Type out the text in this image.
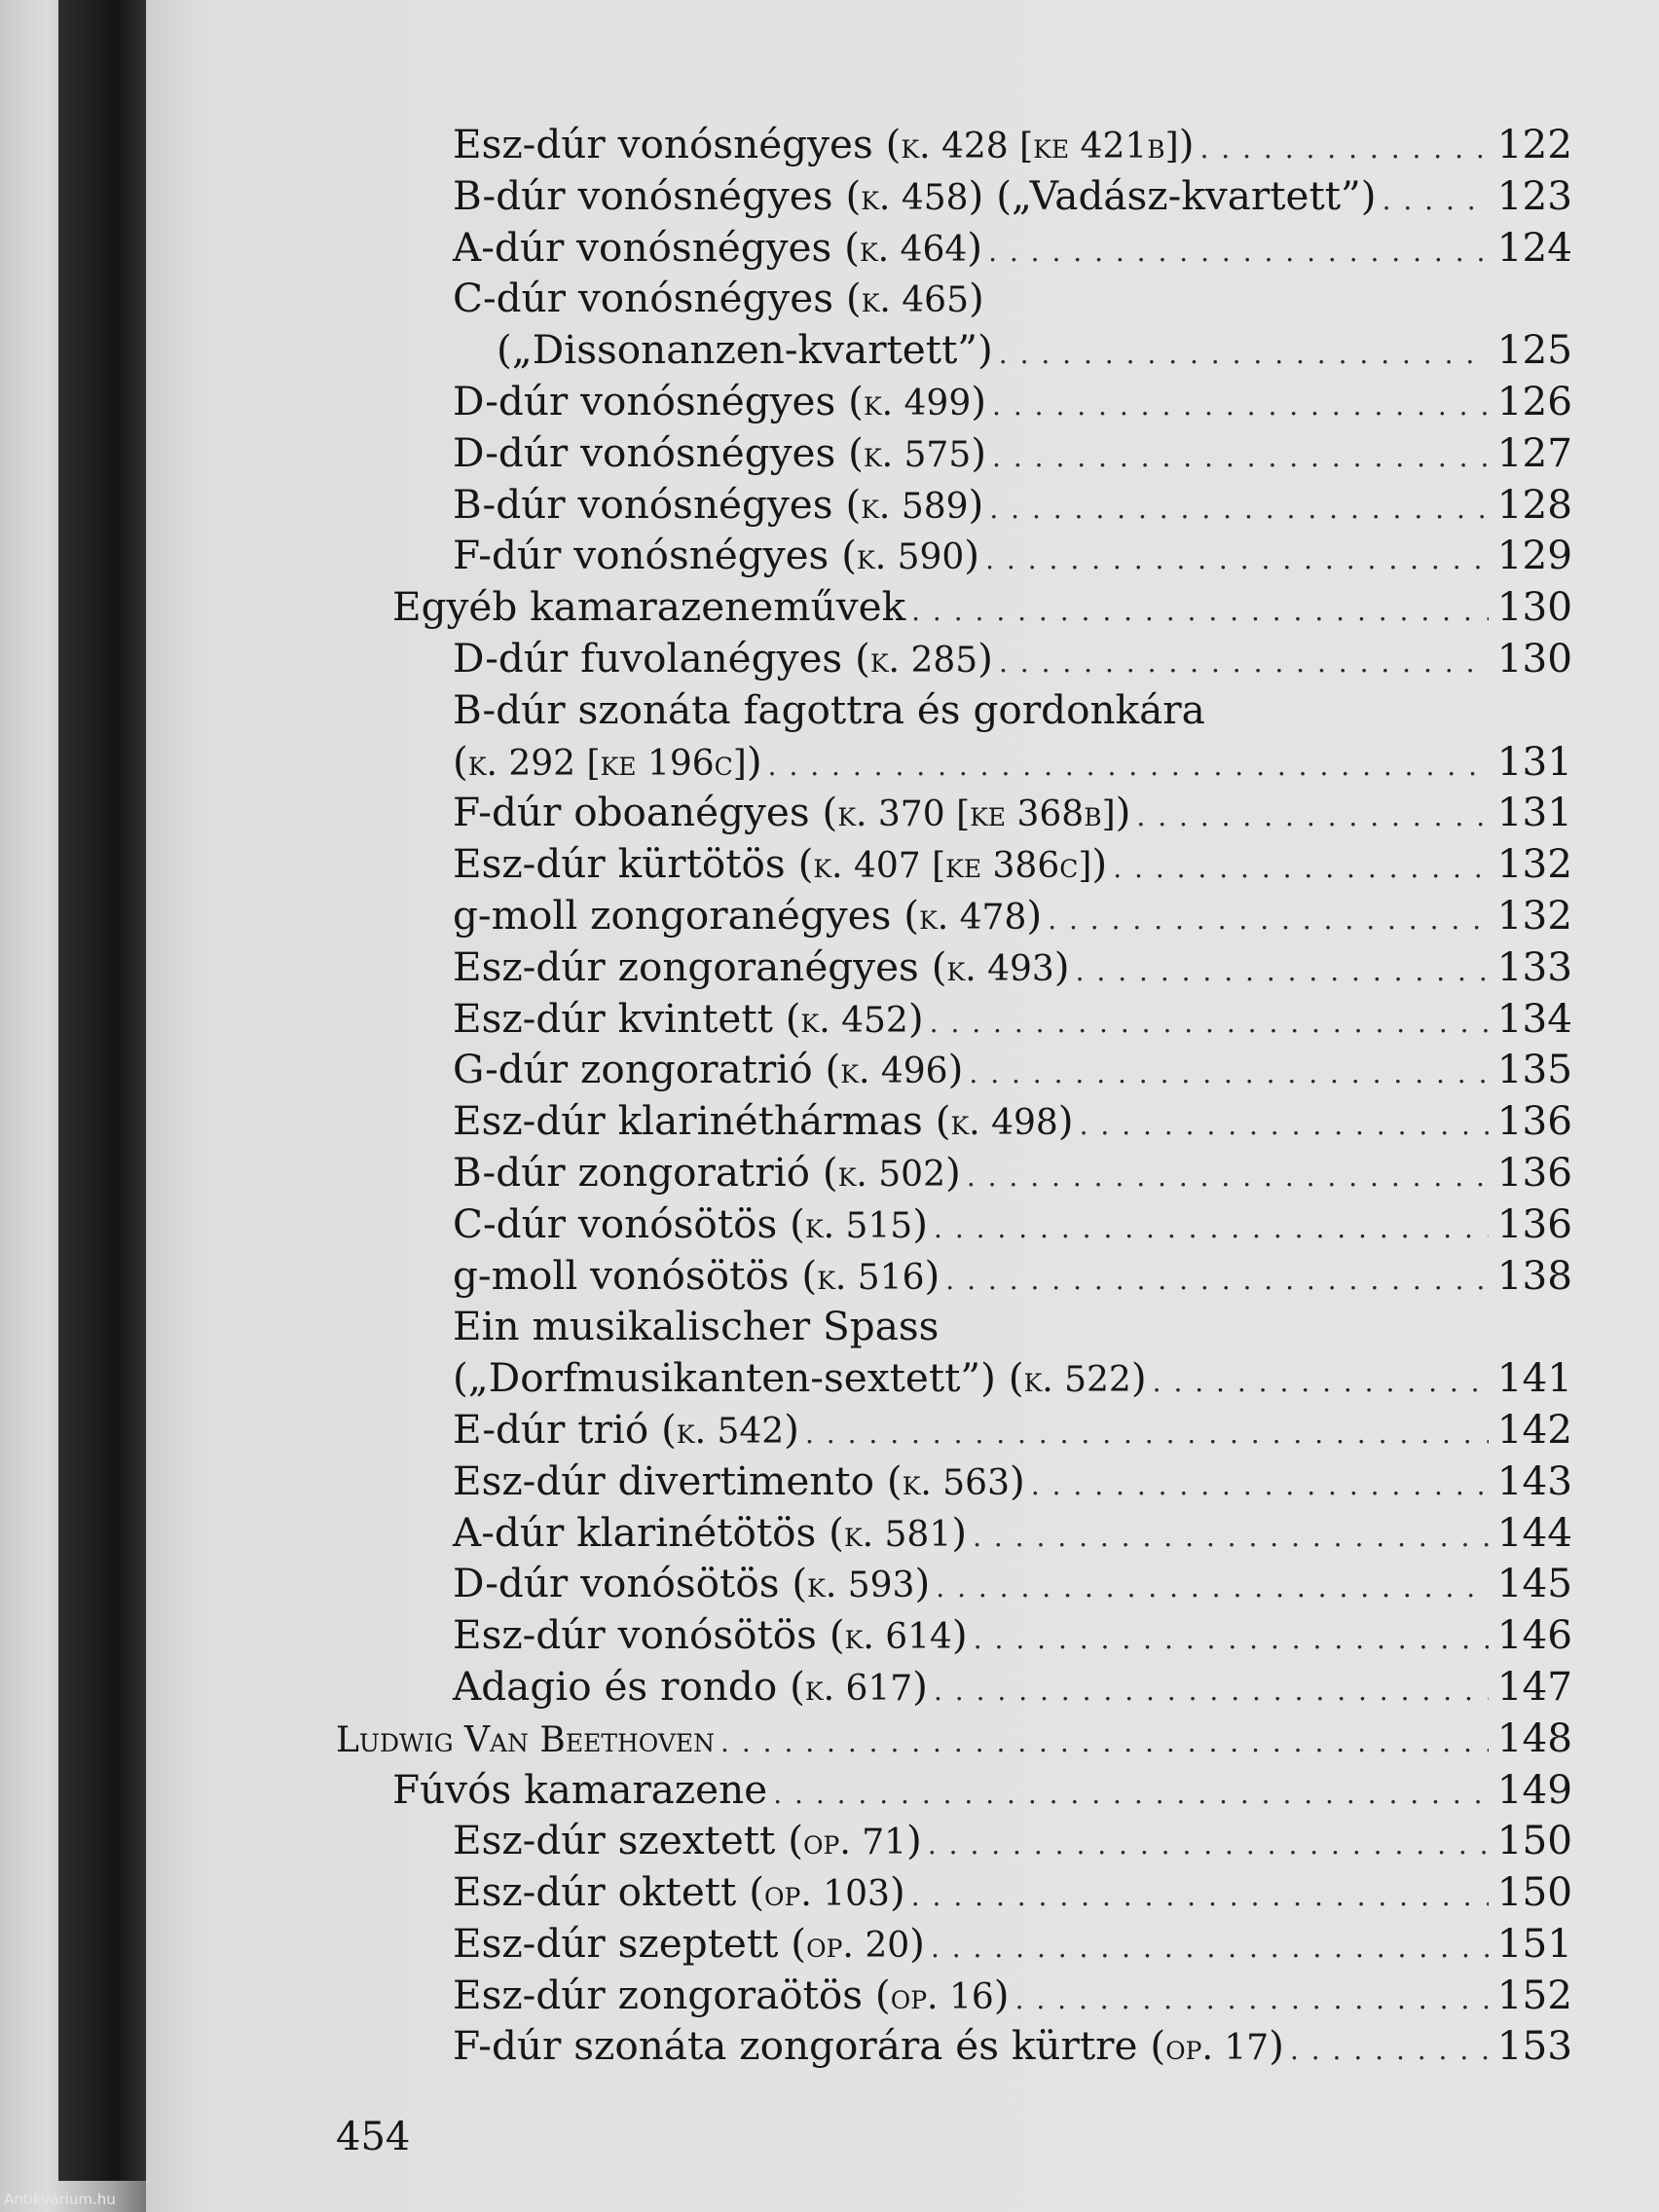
Esz-dúr vonósnégyes (k. 428 [ke 421b]) . . .	122
B-dúr vonósnégyes (k. 458) („Vadász-kvartett”) . . .	123
A-dúr vonósnégyes (k. 464) . . .	124
C-dúr vonósnégyes (k. 465)
(„Dissonanzen-kvartett”) . . .	125
D-dúr vonósnégyes (k. 499) . . .	126
D-dúr vonósnégyes (k. 575) . . .	127
B-dúr vonósnégyes (k. 589) . . .	128
F-dúr vonósnégyes (k. 590) . . .	129
Egyéb kamarazeneművek . . .	130
D-dúr fuvolanégyes (k. 285) . . .	130
B-dúr szonáta fagottra és gordonkára
(k. 292 [ke 196c]) . . .	131
F-dúr oboanégyes (k. 370 [ke 368b]) . . .	131
Esz-dúr kürtötös (k. 407 [ke 386c]) . . .	132
g-moll zongoranégyes (k. 478) . . .	132
Esz-dúr zongoranégyes (k. 493) . . .	133
Esz-dúr kvintett (k. 452) . . .	134
G-dúr zongoratrió (k. 496) . . .	135
Esz-dúr klarinéthármas (k. 498) . . .	136
B-dúr zongoratrió (k. 502) . . .	136
C-dúr vonósötös (k. 515) . . .	136
g-moll vonósötös (k. 516) . . .	138
Ein musikalischer Spass
(„Dorfmusikanten-sextett”) (k. 522) . . .	141
E-dúr trió (k. 542) . . .	142
Esz-dúr divertimento (k. 563) . . .	143
A-dúr klarinétötös (k. 581) . . .	144
D-dúr vonósötös (k. 593) . . .	145
Esz-dúr vonósötös (k. 614) . . .	146
Adagio és rondo (k. 617) . . .	147
Ludwig Van Beethoven . . .	148
Fúvós kamarazene . . .	149
Esz-dúr szextett (op. 71) . . .	150
Esz-dúr oktett (op. 103) . . .	150
Esz-dúr szeptett (op. 20) . . .	151
Esz-dúr zongoraötös (op. 16) . . .	152
F-dúr szonáta zongorára és kürtre (op. 17) . . .	153
454
Antikvárium.hu
